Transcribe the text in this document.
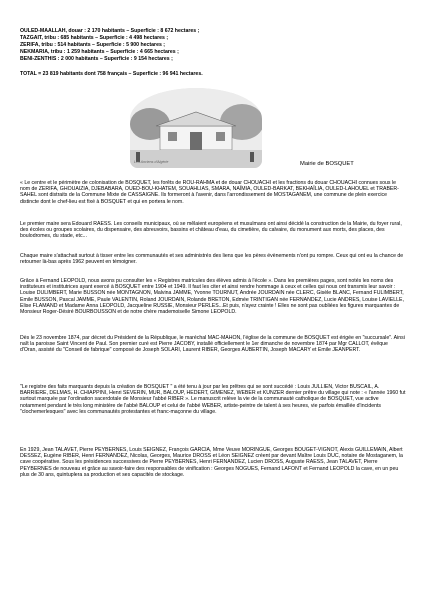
OULED-MAALLAH, douar : 2 170 habitants – Superficie : 8 672 hectares ;
TAZGAIT, tribu : 685 habitants – Superficie : 4 498 hectares ;
ZERIFA, tribu : 514 habitants – Superficie : 5 900 hectares ;
NEKMARIA, tribu : 1 259 habitants – Superficie : 4 665 hectares ;
BENI-ZENTHIS : 2 000 habitants – Superficie : 9 154 hectares ;
TOTAL = 23 819 habitants dont 758 français – Superficie : 96 941 hectares.
Les Anciens d'Algérie	Mairie de BOSQUET
« Le centre et le périmètre de colonisation de BOSQUET, les forêts de ROU-RAHMA et de douar CHOUACHI et les fractions du douar CHOUACHI connues sous le nom de ZERIFA, GHOUAIZIA, DJEBABARA, OUED-BOU-KHATEM, SOUAHLIAS, SMARA, NAÏMIA, OULED-BARKAT, BEKHAÏLIA, OULED-LAHOUEL et TRABER-SAHEL sont distraits de la Commune Mixte de CASSAIGNE. Ils formeront à l'avenir, dans l'arrondissement de MOSTAGANEM, une commune de plein exercice distincte dont le chef-lieu est fixé à BOSQUET et qui en portera le nom.
Le premier maire sera Edouard RAESS. Les conseils municipaux, où se mêlaient européens et musulmans ont ainsi décidé la construction de la Mairie, du foyer rural, des écoles ou groupes scolaires, du dispensaire, des abreuvoirs, bassins et château d'eau, du cimetière, du calvaire, du monument aux morts, des places, des boulodromes, du stade, etc...
Chaque maire s'attachait surtout à tisser entre les communautés et ses administrés des liens que les pères évènements n'ont pu rompre. Ceux qui ont eu la chance de retourner là-bas après 1962 peuvent en témoigner.
Grâce à Fernand LEOPOLD, nous avons pu consulter les « Registres matricules des élèves admis à l'école ». Dans les premières pages, sont notés les noms des instituteurs et institutrices ayant exercé à BOSQUET entre 1904 et 1949. Il faut les citer et ainsi rendre hommage à ceux et celles qui nous ont transmis leur savoir : Louise DULIMBERT, Marie BUSSON née MONTAGNON, Malvina JAMME, Yvonne TOURNUT, Andrée JOURDAIN née CLERC, Gisèle BLANC, Fernand FULIMBERT, Emile BUSSON, Pascal JAMME, Paule VALENTIN, Roland JOURDAIN, Rolande BRETON, Edmée TRINTIGAN née FERNANDEZ, Lucie ANDRES, Louise LAVIELLE, Elise FLAMAND et Madame Anna LEOPOLD, Jacqueline RUSSIE, Monsieur PERLES...Et puis, n'ayez crainte ! Elles ne sont pas oubliées les figures marquantes de Monsieur Roger-Désiré BOURBOUSSON et de notre chère mademoiselle Simone LEOPOLD.
Dès le 23 novembre 1874, par décret du Président de la République, le maréchal MAC-MAHON, l'église de la commune de BOSQUET est érigée en "succursale". Ainsi naît la paroisse Saint Vincent de Paul. Son premier curé est Pierre JACOBY, installé officiellement le 1er dimanche de novembre 1874 par Mgr CALLOT, évêque d'Oran, assisté du "Conseil de fabrique" composé de Joseph SOLARI, Laurent RIBER, Georges AUBERTIN, Joseph MACARY et Emile JEANPERT.
"Le registre des faits marquants depuis la création de BOSQUET " a été tenu à jour par les prêtres qui se sont succédé : Louis JULLIEN, Victor BUSCAIL, A. BARRIERE, DELMAS, H. CHIAPPINI, Henri SEVERIN, MUR, BALOUP, HEDERT, GIMENEZ, WEBER et KUNZER dernier prêtre du village qui note : « l'année 1960 fut surtout marquée par l'ordination sacerdotale de Monsieur l'abbé RIBER ». Le manuscrit relève la vie de la communauté catholique de BOSQUET, vue active notamment pendant le très long ministère de l'abbé BALOUP et celui de l'abbé WEBER, artiste-peintre de talent à ses heures, vie parfois émaillée d'incidents "clochemerlesques" avec les communautés protestantes et franc-maçonne du village.
En 1929, Jean TALAVET, Pierre PEYBERNES, Louis SEIGNEZ, François GARCIA, Mme Veuve MORINGUE, Georges BOUGET-VIGNOT, Alexis GUILLEMAIN, Albert DESSEZ, Eugène RIBER, Henri FERNANDEZ, Nicolas, Georges, Maurice DROSS et Léon SEIGNEZ créent par devant Maître Louis DUC, notaire de Mostaganem, la cave coopérative. Sous les présidences successives de Pierre PEYBERNES, Henri FERNANDEZ, Lucien DROSS, Auguste RAESS, Jean TALAVET, Pierre PEYBERNES de nouveau et grâce au savoir-faire des responsables de vinification : Georges NOGUES, Fernand LAFONT et Fernand LEOPOLD la cave, en un peu plus de 30 ans, quintuplera sa production et ses capacités de stockage.
